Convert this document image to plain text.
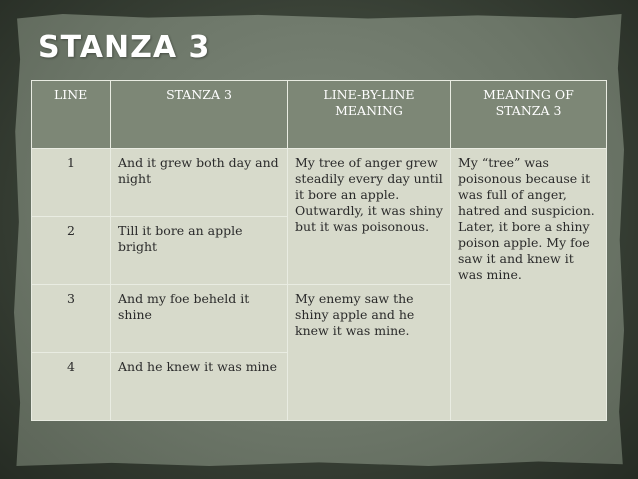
STANZA 3
LINE	STANZA 3	LINE-BY-LINE MEANING	MEANING OF STANZA 3
1	And it grew both day and night	My tree of anger grew steadily every day until it bore an apple. Outwardly, it was shiny but it was poisonous.	My “tree” was poisonous because it was full of anger, hatred and suspicion. Later, it bore a shiny poison apple. My foe saw it and knew it was mine.
2	Till it bore an apple bright		
3	And my foe beheld it shine	My enemy saw the shiny apple and he knew it was mine.	
4	And he knew it was mine		
